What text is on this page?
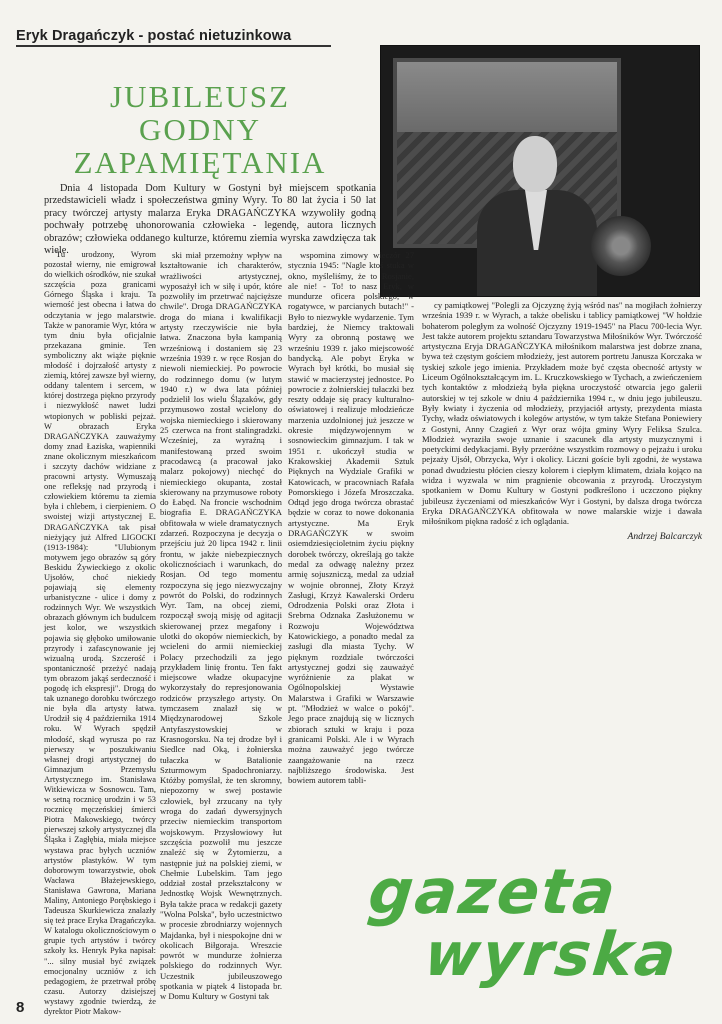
Eryk Dragańczyk - postać nietuzinkowa
JUBILEUSZ
GODNY
ZAPAMIĘTANIA

Dnia 4 listopada Dom Kultury w Gostyni był miejscem spotkania przedstawicieli władz i społeczeństwa gminy Wyry. To 80 lat życia i 50 lat pracy twórczej artysty malarza Eryka DRAGAŃCZYKA wzywoliły godną pochwały potrzebę uhonorowania człowieka - legendę, autora licznych obrazów; człowieka oddanego kulturze, któremu ziemia wyrska zawdzięcza tak wiele.

Tu urodzony, Wyrom pozostał wierny, nie emigrował do wielkich ośrodków, nie szukał szczęścia poza granicami Górnego Śląska i kraju. Ta wierność jest obecna i łatwa do odczytania w jego malarstwie. Także w panoramie Wyr, która w tym dniu była oficjalnie przekazana gminie. Ten symboliczny akt wiąże pięknie młodość i dojrzałość artysty z ziemią, której zawsze był wierny, oddany talentem i sercem, w której dostrzega piękno przyrody i niezwykłość nawet ludzi wtopionych w pobliski pejzaż. W obrazach Eryka DRAGAŃCZYKA zauważymy domy znad Łaziska, wapienniki znane okolicznym mieszkańcom i szczyty dachów widziane z pracowni artysty. Wymuszają one refleksję nad przyrodą i człowiekiem któremu ta ziemia była i chlebem, i cierpieniem. O swoistej wizji artystycznej E. DRAGAŃCZYKA tak pisał nieżyjący już Alfred LIGOCKI (1913-1984): "Ulubionym motywem jego obrazów są góry Beskidu Żywieckiego z okolic Ujsołów, choć niekiedy pojawiają się elementy urbanistyczne - ulice i domy z rodzinnych Wyr. We wszystkich obrazach głównym ich budulcem jest kolor, we wszystkich pojawia się głęboko umiłowanie przyrody i zafascynowanie jej wizualną urodą. Szczerość i spontaniczność przeżyć nadają tym obrazom jakąś serdeczność i pogodę ich ekspresji". Drogą do tak uznanego dorobku twórczego nie była dla artysty łatwa. Urodził się 4 października 1914 roku. W Wyrach spędził młodość, skąd wyrusza po raz pierwszy w poszukiwaniu własnej drogi artystycznej do Gimnazjum Przemysłu Artystycznego im. Stanisława Witkiewicza w Sosnowcu. Tam, w setną rocznicę urodzin i w 53 rocznicę męczeńskiej śmierci Piotra Makowskiego, twórcy pierwszej szkoły artystycznej dla Śląska i Zagłębia, miała miejsce wystawa prac byłych uczniów artystów plastyków. W tym doborowym towarzystwie, obok Wacława Błażejewskiego, Stanisława Gawrona, Mariana Maliny, Antoniego Porębskiego i Tadeusza Skurkiewicza znalazły się też prace Eryka Dragańczyka. W katalogu okolicznościowym o grupie tych artystów i twórcy szkoły ks. Henryk Pyka napisał: "... silny musiał być związek emocjonalny uczniów z ich pedagogiem, że przetrwał próbę czasu. Autorzy dzisiejszej wystawy zgodnie twierdzą, że dyrektor Piotr Makow-

ski miał przemożny wpływ na kształtowanie ich charakterów, wrażliwości artystycznej, wyposażył ich w siłę i upór, które pozwoliły im przetrwać najcięższe chwile". Droga DRAGAŃCZYKA droga do miana i kwalifikacji artysty rzeczywiście nie była łatwa. Znaczona była kampanią wrześniową i dostaniem się 23 września 1939 r. w ręce Rosjan do niewoli niemieckiej. Po powrocie do rodzinnego domu (w lutym 1940 r.) w dwa lata później podzielił los wielu Ślązaków, gdy przymusowo został wcielony do wojska niemieckiego i skierowany 25 czerwca na front stalingradzki. Wcześniej, za wyraźną i manifestowaną przed swoim pracodawcą (a pracował jako malarz pokojowy) niechęć do niemieckiego okupanta, został skierowany na przymusowe roboty do Łabęd. Na froncie wschodnim biografia E. DRAGAŃCZYKA obfitowała w wiele dramatycznych zdarzeń. Rozpoczyna je decyzja o przejściu już 20 lipca 1942 r. linii frontu, w jakże niebezpiecznych okolicznościach i warunkach, do Rosjan. Od tego momentu rozpoczyna się jego niezwyczajny powrót do Polski, do rodzinnych Wyr. Tam, na obcej ziemi, rozpoczął swoją misję od agitacji skierowanej przez megafony i ulotki do okopów niemieckich, by wcieleni do armii niemieckiej Polacy przechodzili za jego przykładem linię frontu. Ten fakt miejscowe władze okupacyjne wykorzystały do represjonowania rodziców przyszłego artysty. On tymczasem znalazł się w Międzynarodowej Szkole Antyfaszystowskiej w Krasnogorsku. Na tej drodze był i Siedlce nad Oką, i żołnierska tułaczka w Batalionie Szturmowym Spadochroniarzy. Któżby pomyślał, że ten skromny, niepozorny w swej postawie człowiek, był zrzucany na tyły wroga do zadań dywersyjnych przeciw niemieckim transportom wojskowym. Przysłowiowy łut szczęścia pozwolił mu jeszcze znaleźć się w Żytomierzu, a następnie już na polskiej ziemi, w Chełmie Lubelskim. Tam jego oddział został przekształcony w Jednostkę Wojsk Wewnętrznych. Była także praca w redakcji gazety "Wolna Polska", było uczestnictwo w procesie zbrodniarzy wojennych Majdanka, był i niespokojne dni w okolicach Biłgoraja. Wreszcie powrót w mundurze żołnierza polskiego do rodzinnych Wyr. Uczestnik jubileuszowego spotkania w piątek 4 listopada br. w Domu Kultury w Gostyni tak

wspomina zimowy wieczór 27 stycznia 1945: "Nagle ktoś stuka w okno, myśleliśmy, że to Rosjanie, ale nie! - To! to nasz Eryk, w mundurze oficera polskiego, w rogatywce, w parcianych butach!" - Było to niezwykłe wydarzenie. Tym bardziej, że Niemcy traktowali Wyry za obronną postawę we wrześniu 1939 r. jako miejscowość bandycką. Ale pobyt Eryka w Wyrach był krótki, bo musiał się stawić w macierzystej jednostce. Po powrocie z żołnierskiej tułaczki bez reszty oddaje się pracy kulturalno-oświatowej i realizuje młodzieńcze marzenia uzdolnionej już jeszcze w okresie międzywojennym w sosnowieckim gimnazjum. I tak w 1951 r. ukończył studia w Krakowskiej Akademii Sztuk Pięknych na Wydziale Grafiki w Katowicach, w pracowniach Rafała Pomorskiego i Józefa Mroszczaka. Odtąd jego droga twórcza obrastać będzie w coraz to nowe dokonania artystyczne. Ma Eryk DRAGAŃCZYK w swoim osiemdziesięcioletnim życiu piękny dorobek twórczy, określają go także medal za odwagę należny przez armię sojuszniczą, medal za udział w wojnie obronnej, Złoty Krzyż Zasługi, Krzyż Kawalerski Orderu Odrodzenia Polski oraz Złota i Srebrna Odznaka Zasłużonemu w Rozwoju Województwa Katowickiego, a ponadto medal za zasługi dla miasta Tychy. W pięknym rozdziale twórczości artystycznej godzi się zauważyć wyróżnienie za plakat w Ogólnopolskiej Wystawie Malarstwa i Grafiki w Warszawie pt. "Młodzież w walce o pokój". Jego prace znajdują się w licznych zbiorach sztuki w kraju i poza granicami Polski. Ale i w Wyrach można zauważyć jego twórcze zaangażowanie na rzecz najbliższego środowiska. Jest bowiem autorem tabli-

cy pamiątkowej "Polegli za Ojczyznę żyją wśród nas" na mogiłach żołnierzy września 1939 r. w Wyrach, a także obelisku i tablicy pamiątkowej "W hołdzie bohaterom poległym za wolność Ojczyzny 1919-1945" na Placu 700-lecia Wyr. Jest także autorem projektu sztandaru Towarzystwa Miłośników Wyr. Twórczość artystyczna Eryja DRAGAŃCZYKA miłośnikom malarstwa jest dobrze znana, bywa też częstym gościem młodzieży, jest autorem portretu Janusza Korczaka w tyskiej szkole jego imienia. Przykładem może być częsta obecność artysty w Liceum Ogólnokształcącym im. L. Kruczkowskiego w Tychach, a zwieńczeniem tych kontaktów z młodzieżą była piękna uroczystość otwarcia jego galerii autorskiej w tej szkole w dniu 4 października 1994 r., w dniu jego jubileuszu. Były kwiaty i życzenia od młodzieży, przyjaciół artysty, prezydenta miasta Tychy, władz oświatowych i kolegów artystów, w tym także Stefana Poniewiery z Gostyni, Anny Czagień z Wyr oraz wójta gminy Wyry Feliksa Szulca. Młodzież wyraziła swoje uznanie i szacunek dla artysty muzycznymi i poetyckimi dedykacjami. Były przeróżne wszystkim rozmowy o pejzażu i uroku pejzaży Ujsół, Obrzycka, Wyr i okolicy. Liczni goście byli zgodni, że wystawa ponad dwudziestu płócien cieszy kolorem i ciepłym klimatem, działa kojąco na widza i wyzwala w nim pragnienie obcowania z przyrodą. Uroczystym spotkaniem w Domu Kultury w Gostyni podkreślono i uczczono piękny jubileusz życzeniami od mieszkańców Wyr i Gostyni, by dalsza droga twórcza Eryka DRAGAŃCZYKA obfitowała w nowe malarskie wizje i dawała miłośnikom piękna radość z ich oglądania.

Andrzej Balcarczyk

gazeta
wyrska
8
